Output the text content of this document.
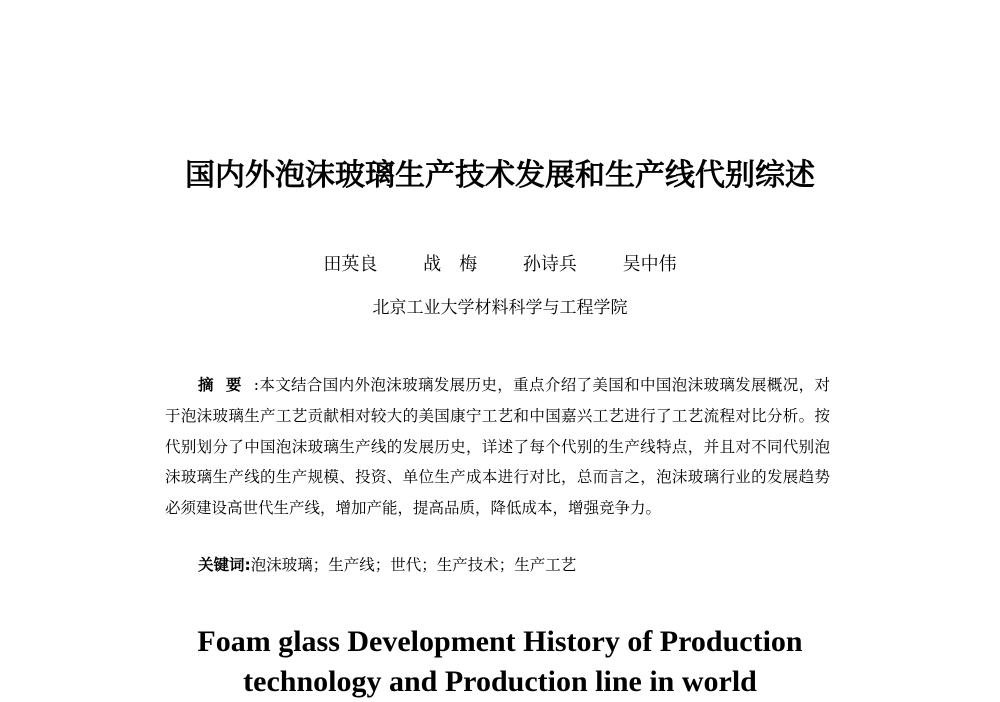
国内外泡沫玻璃生产技术发展和生产线代别综述
田英良	战　梅	孙诗兵	吴中伟
北京工业大学材料科学与工程学院
摘要:本文结合国内外泡沫玻璃发展历史，重点介绍了美国和中国泡沫玻璃发展概况，对于泡沫玻璃生产工艺贡献相对较大的美国康宁工艺和中国嘉兴工艺进行了工艺流程对比分析。按代别划分了中国泡沫玻璃生产线的发展历史，详述了每个代别的生产线特点，并且对不同代别泡沫玻璃生产线的生产规模、投资、单位生产成本进行对比，总而言之，泡沫玻璃行业的发展趋势必须建设高世代生产线，增加产能，提高品质，降低成本，增强竞争力。
关键词:泡沫玻璃；生产线；世代；生产技术；生产工艺
Foam glass Development History of Production
technology and Production line in world
